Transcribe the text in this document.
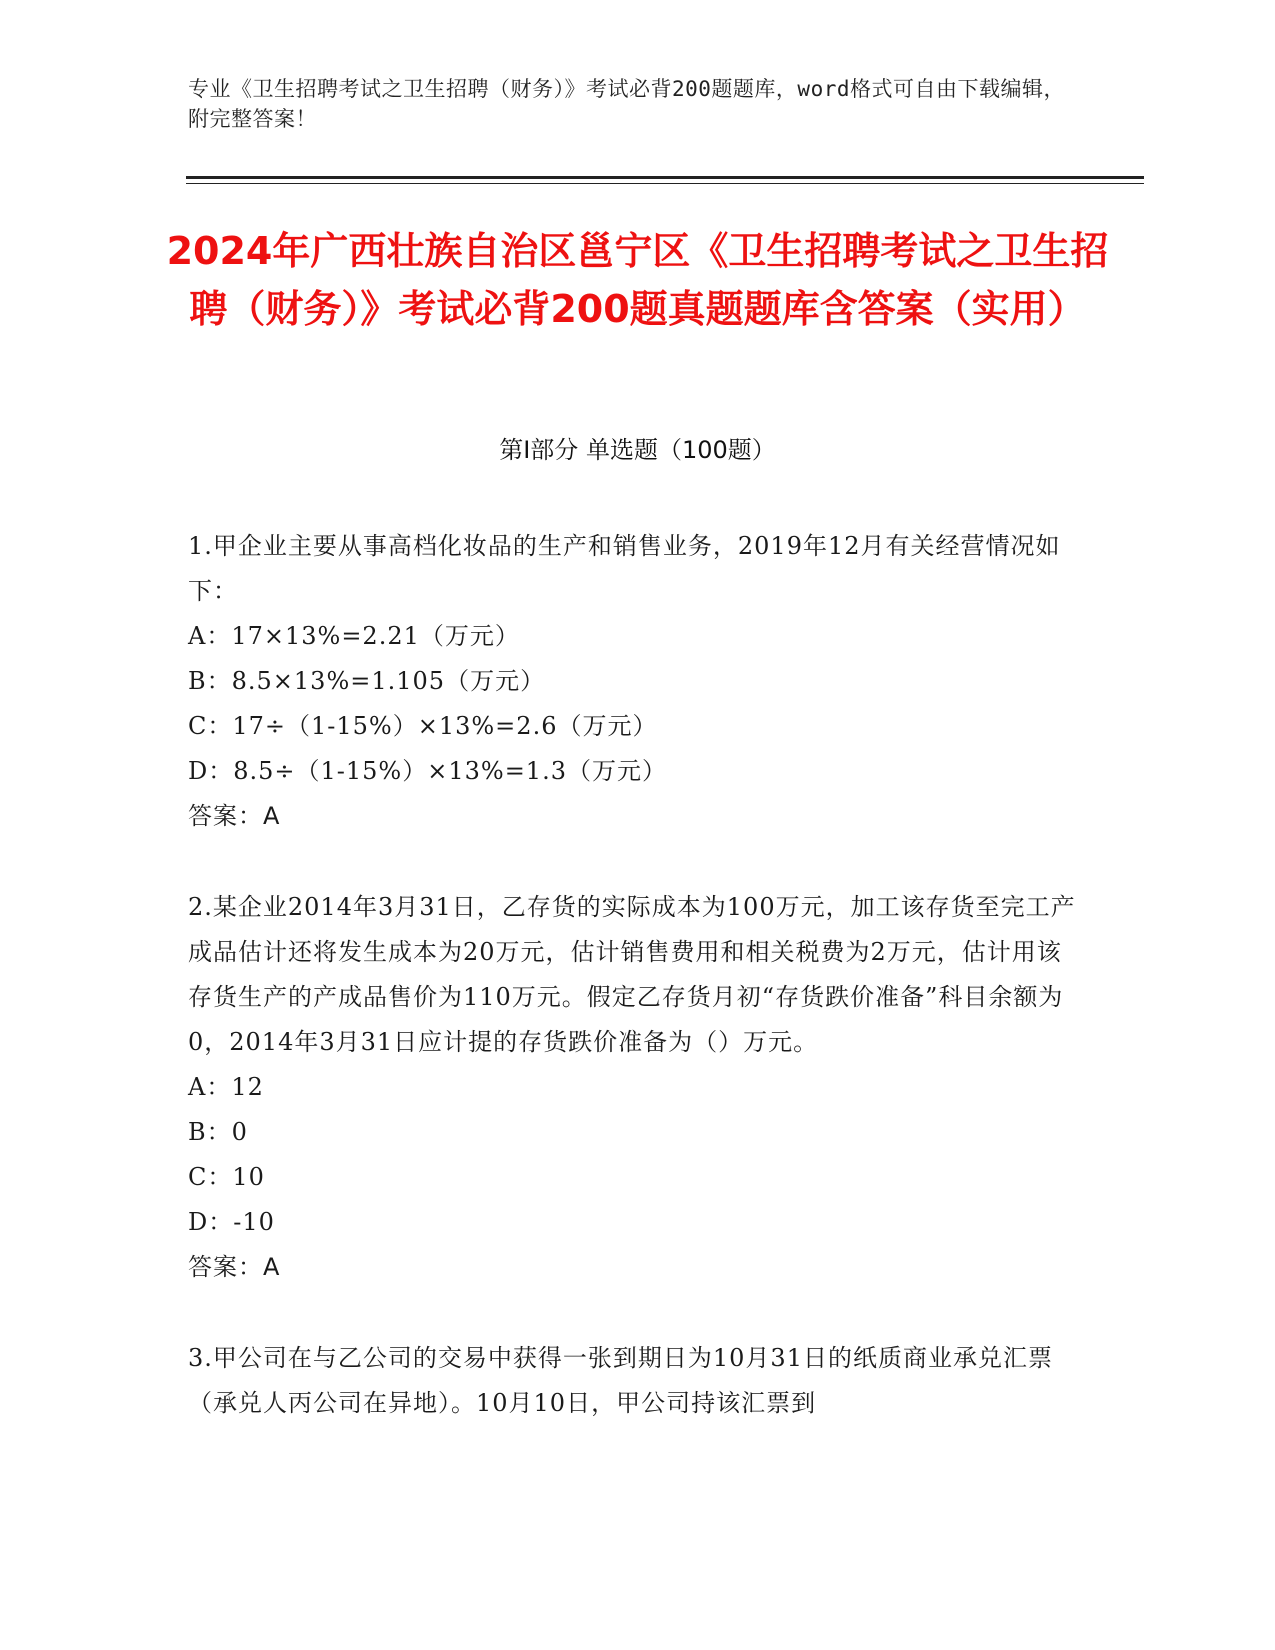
专业《卫生招聘考试之卫生招聘（财务）》考试必背200题题库，word格式可自由下载编辑，附完整答案！
2024年广西壮族自治区邕宁区《卫生招聘考试之卫生招聘（财务）》考试必背200题真题题库含答案（实用）
第Ⅰ部分 单选题（100题）

1.甲企业主要从事高档化妆品的生产和销售业务，2019年12月有关经营情况如下：

A：17×13%=2.21（万元）

B：8.5×13%=1.105（万元）

C：17÷（1-15%）×13%=2.6（万元）

D：8.5÷（1-15%）×13%=1.3（万元）

答案：A

2.某企业2014年3月31日，乙存货的实际成本为100万元，加工该存货至完工产成品估计还将发生成本为20万元，估计销售费用和相关税费为2万元，估计用该存货生产的产成品售价为110万元。假定乙存货月初“存货跌价准备”科目余额为0，2014年3月31日应计提的存货跌价准备为（）万元。

A：12

B：0

C：10

D：-10

答案：A

3.甲公司在与乙公司的交易中获得一张到期日为10月31日的纸质商业承兑汇票（承兑人丙公司在异地）。10月10日，甲公司持该汇票到
